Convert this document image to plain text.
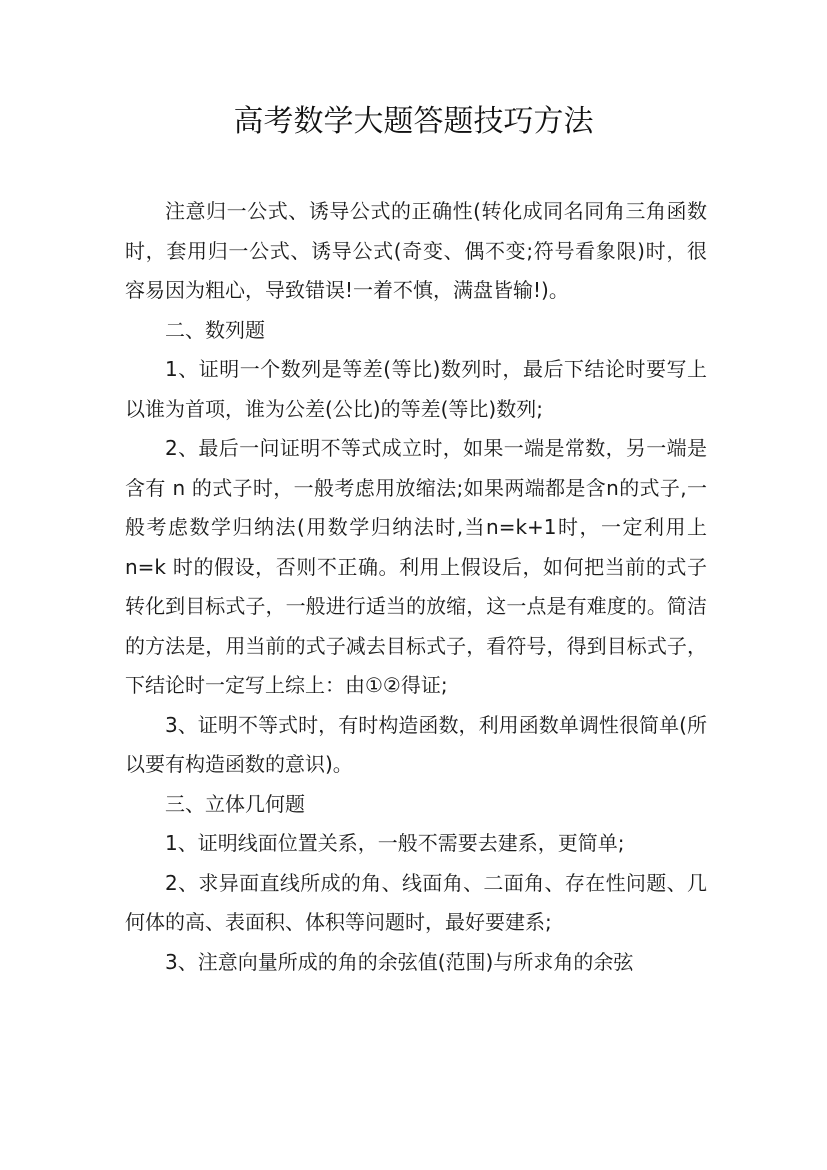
高考数学大题答题技巧方法

注意归一公式、诱导公式的正确性(转化成同名同角三角函数时，套用归一公式、诱导公式(奇变、偶不变;符号看象限)时，很容易因为粗心，导致错误!一着不慎，满盘皆输!)。

二、数列题

1、证明一个数列是等差(等比)数列时，最后下结论时要写上以谁为首项，谁为公差(公比)的等差(等比)数列;

2、最后一问证明不等式成立时，如果一端是常数，另一端是含有 n 的式子时，一般考虑用放缩法;如果两端都是含n的式子,一般考虑数学归纳法(用数学归纳法时,当n=k+1时，一定利用上 n=k 时的假设，否则不正确。利用上假设后，如何把当前的式子转化到目标式子，一般进行适当的放缩，这一点是有难度的。简洁的方法是，用当前的式子减去目标式子，看符号，得到目标式子，下结论时一定写上综上：由①②得证;

3、证明不等式时，有时构造函数，利用函数单调性很简单(所以要有构造函数的意识)。

三、立体几何题

1、证明线面位置关系，一般不需要去建系，更简单;

2、求异面直线所成的角、线面角、二面角、存在性问题、几何体的高、表面积、体积等问题时，最好要建系;

3、注意向量所成的角的余弦值(范围)与所求角的余弦
